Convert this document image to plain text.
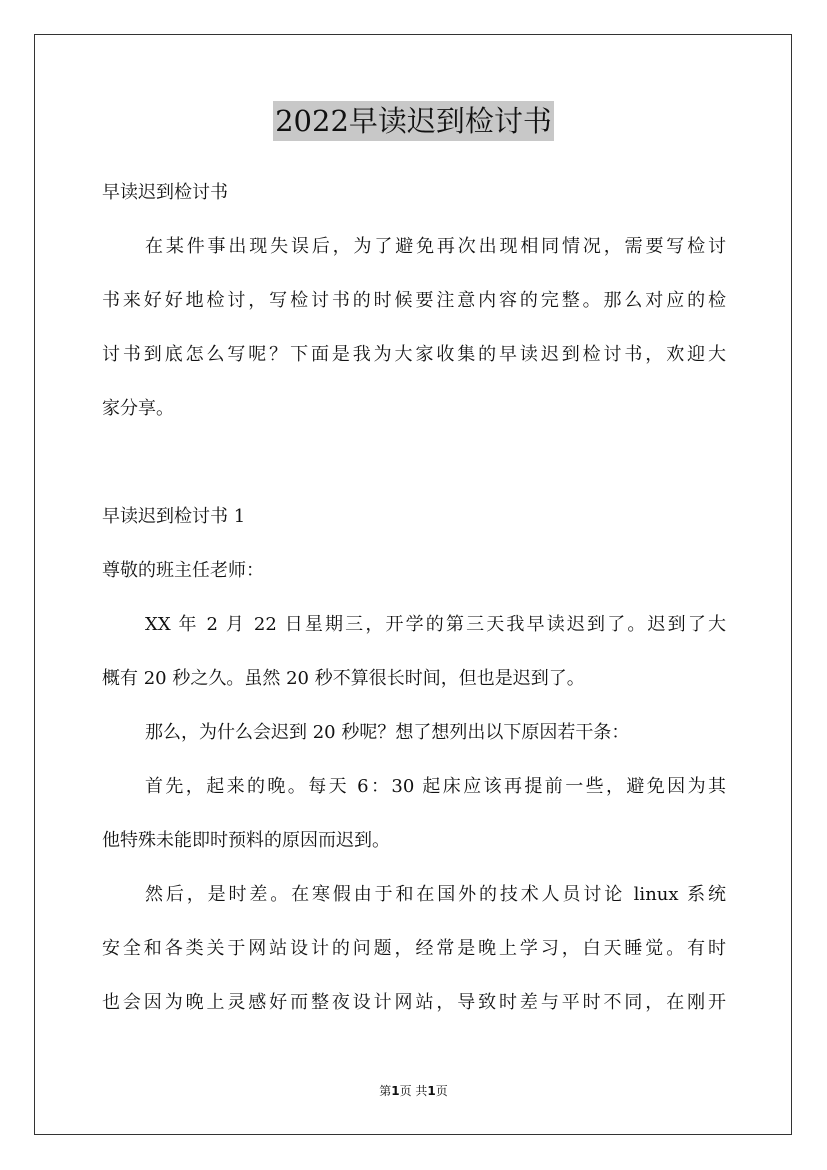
2022早读迟到检讨书
早读迟到检讨书
在某件事出现失误后，为了避免再次出现相同情况，需要写检讨
书来好好地检讨，写检讨书的时候要注意内容的完整。那么对应的检
讨书到底怎么写呢？下面是我为大家收集的早读迟到检讨书，欢迎大
家分享。
早读迟到检讨书 1
尊敬的班主任老师：
XX 年 2 月 22 日星期三，开学的第三天我早读迟到了。迟到了大
概有 20 秒之久。虽然 20 秒不算很长时间，但也是迟到了。
那么，为什么会迟到 20 秒呢？想了想列出以下原因若干条：
首先，起来的晚。每天 6：30 起床应该再提前一些，避免因为其
他特殊未能即时预料的原因而迟到。
然后，是时差。在寒假由于和在国外的技术人员讨论 linux 系统
安全和各类关于网站设计的问题，经常是晚上学习，白天睡觉。有时
也会因为晚上灵感好而整夜设计网站，导致时差与平时不同，在刚开
第1页 共1页
